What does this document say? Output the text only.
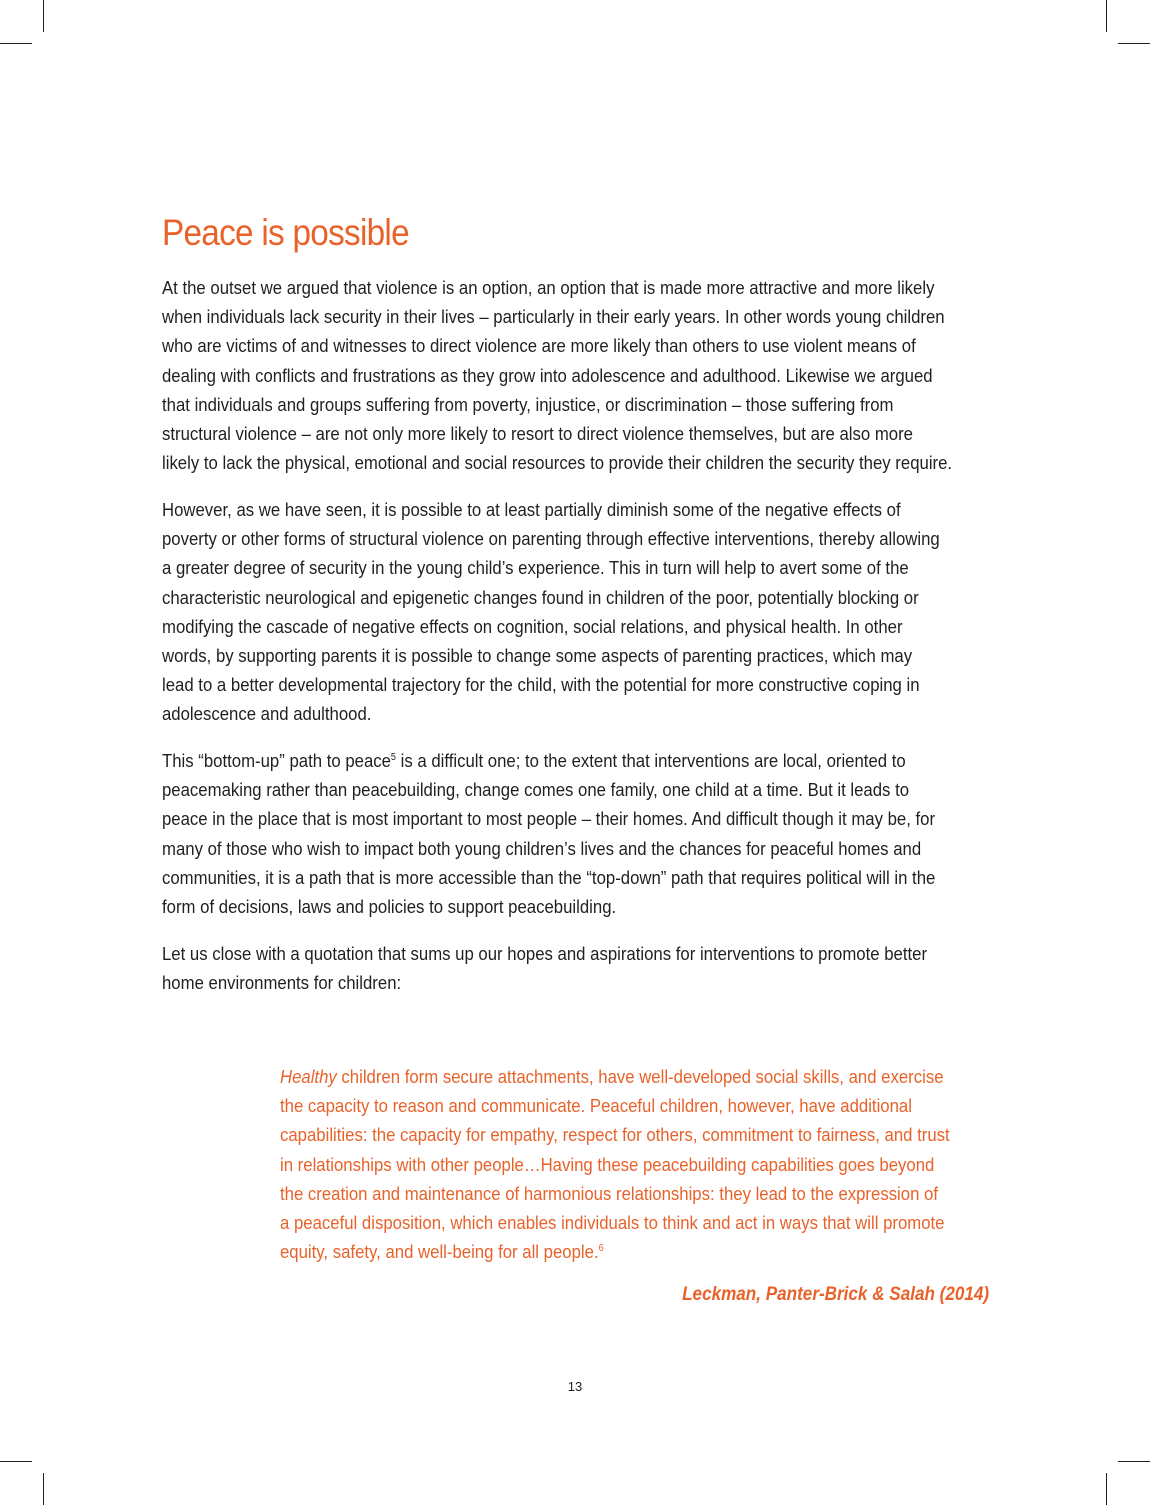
Peace is possible

At the outset we argued that violence is an option, an option that is made more attractive and more likely
when individuals lack security in their lives – particularly in their early years. In other words young children
who are victims of and witnesses to direct violence are more likely than others to use violent means of
dealing with conflicts and frustrations as they grow into adolescence and adulthood. Likewise we argued
that individuals and groups suffering from poverty, injustice, or discrimination – those suffering from
structural violence – are not only more likely to resort to direct violence themselves, but are also more
likely to lack the physical, emotional and social resources to provide their children the security they require.

However, as we have seen, it is possible to at least partially diminish some of the negative effects of
poverty or other forms of structural violence on parenting through effective interventions, thereby allowing
a greater degree of security in the young child’s experience. This in turn will help to avert some of the
characteristic neurological and epigenetic changes found in children of the poor, potentially blocking or
modifying the cascade of negative effects on cognition, social relations, and physical health. In other
words, by supporting parents it is possible to change some aspects of parenting practices, which may
lead to a better developmental trajectory for the child, with the potential for more constructive coping in
adolescence and adulthood.

This “bottom-up” path to peace$^5$ is a difficult one; to the extent that interventions are local, oriented to
peacemaking rather than peacebuilding, change comes one family, one child at a time. But it leads to
peace in the place that is most important to most people – their homes. And difficult though it may be, for
many of those who wish to impact both young children’s lives and the chances for peaceful homes and
communities, it is a path that is more accessible than the “top-down” path that requires political will in the
form of decisions, laws and policies to support peacebuilding.

Let us close with a quotation that sums up our hopes and aspirations for interventions to promote better
home environments for children:

Healthy children form secure attachments, have well-developed social skills, and exercise
the capacity to reason and communicate. Peaceful children, however, have additional
capabilities: the capacity for empathy, respect for others, commitment to fairness, and trust
in relationships with other people…Having these peacebuilding capabilities goes beyond
the creation and maintenance of harmonious relationships: they lead to the expression of
a peaceful disposition, which enables individuals to think and act in ways that will promote
equity, safety, and well-being for all people.$^6$
Leckman, Panter-Brick & Salah (2014)
13
